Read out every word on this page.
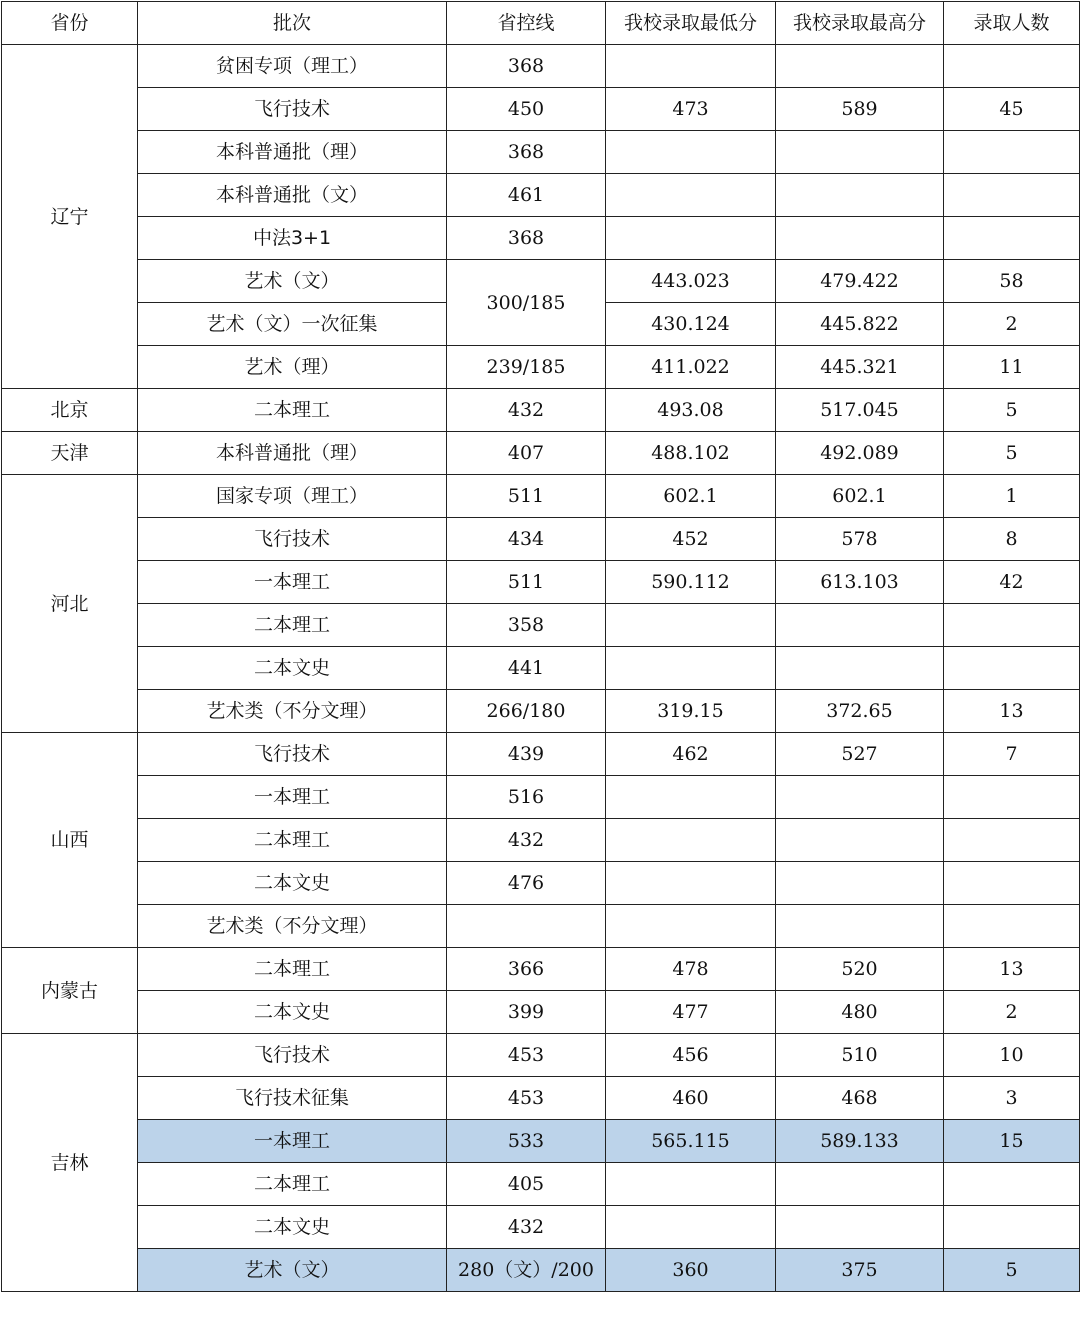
省份	批次	省控线	我校录取最低分	我校录取最高分	录取人数
辽宁	贫困专项（理工）	368			
	飞行技术	450	473	589	45
	本科普通批（理）	368			
	本科普通批（文）	461			
	中法3+1	368			
	艺术（文）	300/185	443.023	479.422	58
	艺术（文）一次征集		430.124	445.822	2
	艺术（理）	239/185	411.022	445.321	11
北京	二本理工	432	493.08	517.045	5
天津	本科普通批（理）	407	488.102	492.089	5
河北	国家专项（理工）	511	602.1	602.1	1
	飞行技术	434	452	578	8
	一本理工	511	590.112	613.103	42
	二本理工	358			
	二本文史	441			
	艺术类（不分文理）	266/180	319.15	372.65	13
山西	飞行技术	439	462	527	7
	一本理工	516			
	二本理工	432			
	二本文史	476			
	艺术类（不分文理）				
内蒙古	二本理工	366	478	520	13
	二本文史	399	477	480	2
吉林	飞行技术	453	456	510	10
	飞行技术征集	453	460	468	3
	一本理工	533	565.115	589.133	15
	二本理工	405			
	二本文史	432			
	艺术（文）	280（文）/200	360	375	5
